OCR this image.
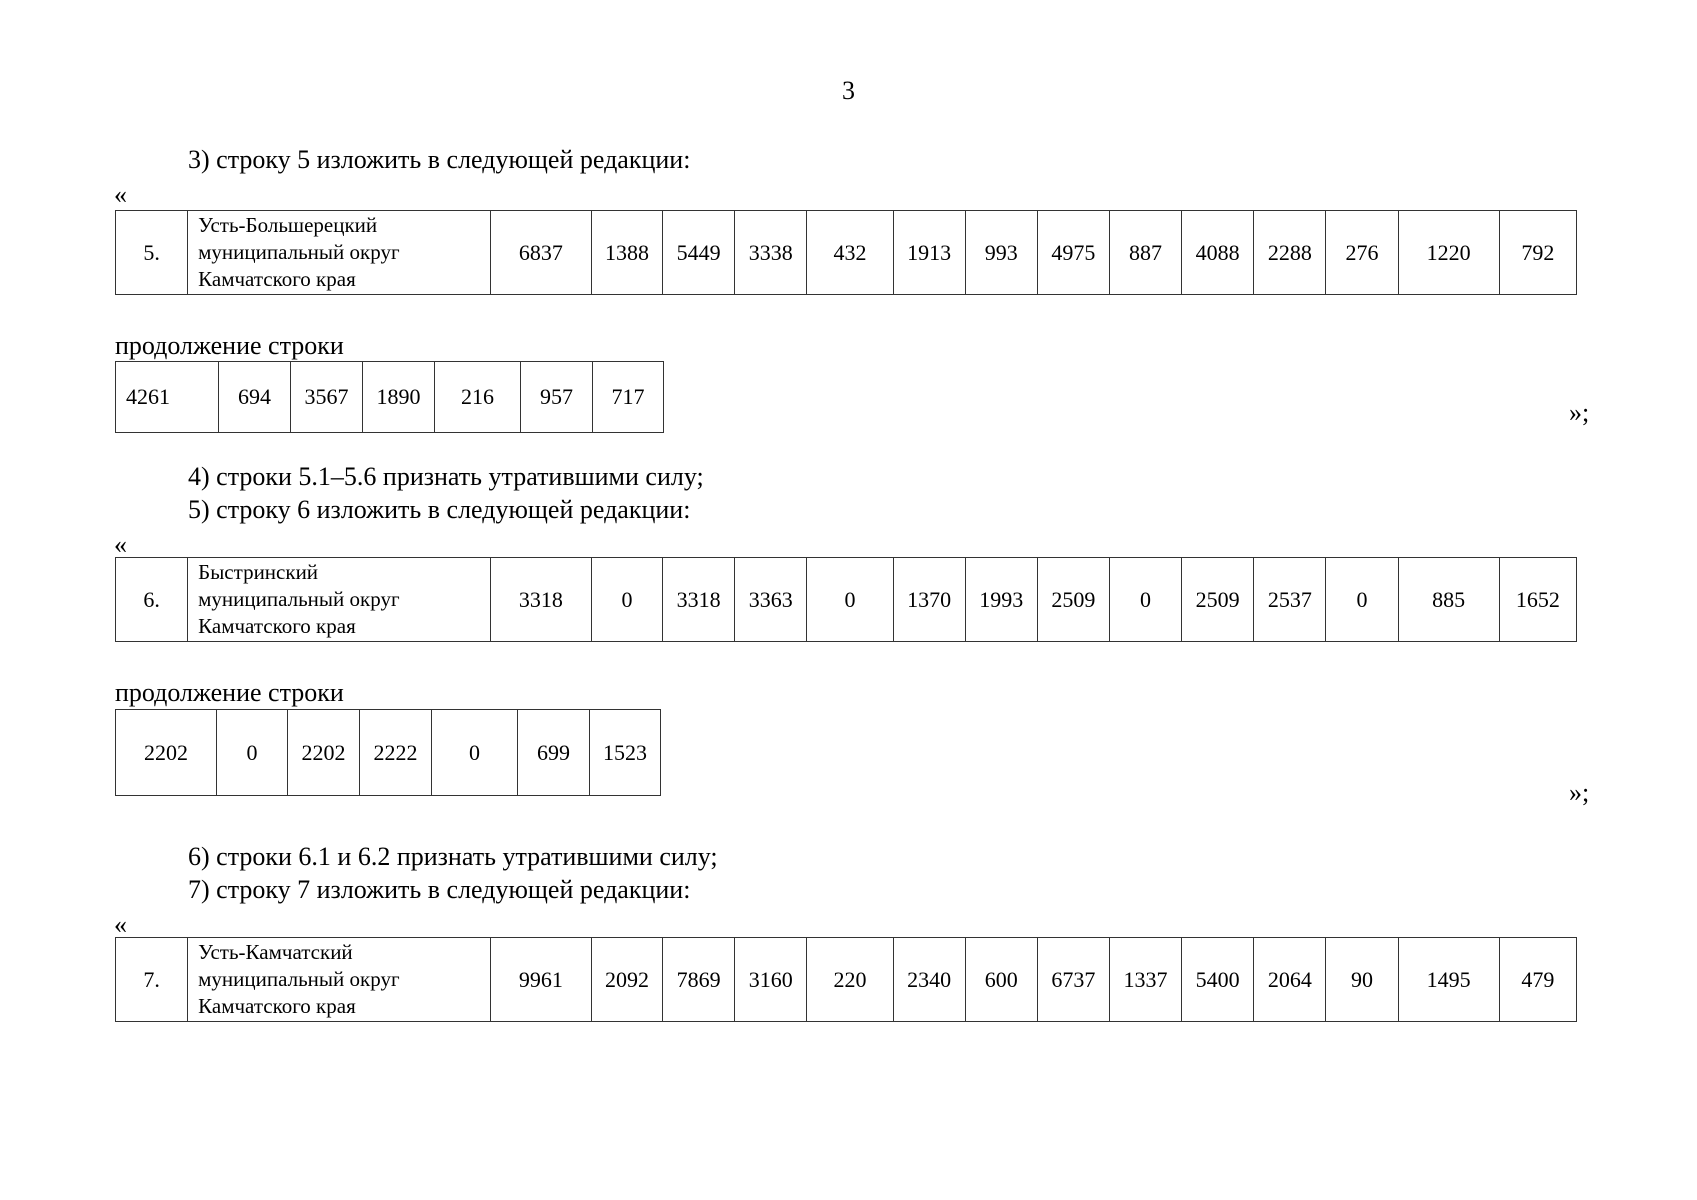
3
3) строку 5 изложить в следующей редакции:
«
5.	Усть-Большерецкий
муниципальный округ
Камчатского края	6837	1388	5449	3338	432	1913	993	4975	887	4088	2288	276	1220	792
продолжение строки
4261	694	3567	1890	216	957	717
»;
4) строки 5.1–5.6 признать утратившими силу;
5) строку 6 изложить в следующей редакции:
«
6.	Быстринский
муниципальный округ
Камчатского края	3318	0	3318	3363	0	1370	1993	2509	0	2509	2537	0	885	1652
продолжение строки
2202	0	2202	2222	0	699	1523
»;
6) строки 6.1 и 6.2 признать утратившими силу;
7) строку 7 изложить в следующей редакции:
«
7.	Усть-Камчатский
муниципальный округ
Камчатского края	9961	2092	7869	3160	220	2340	600	6737	1337	5400	2064	90	1495	479
